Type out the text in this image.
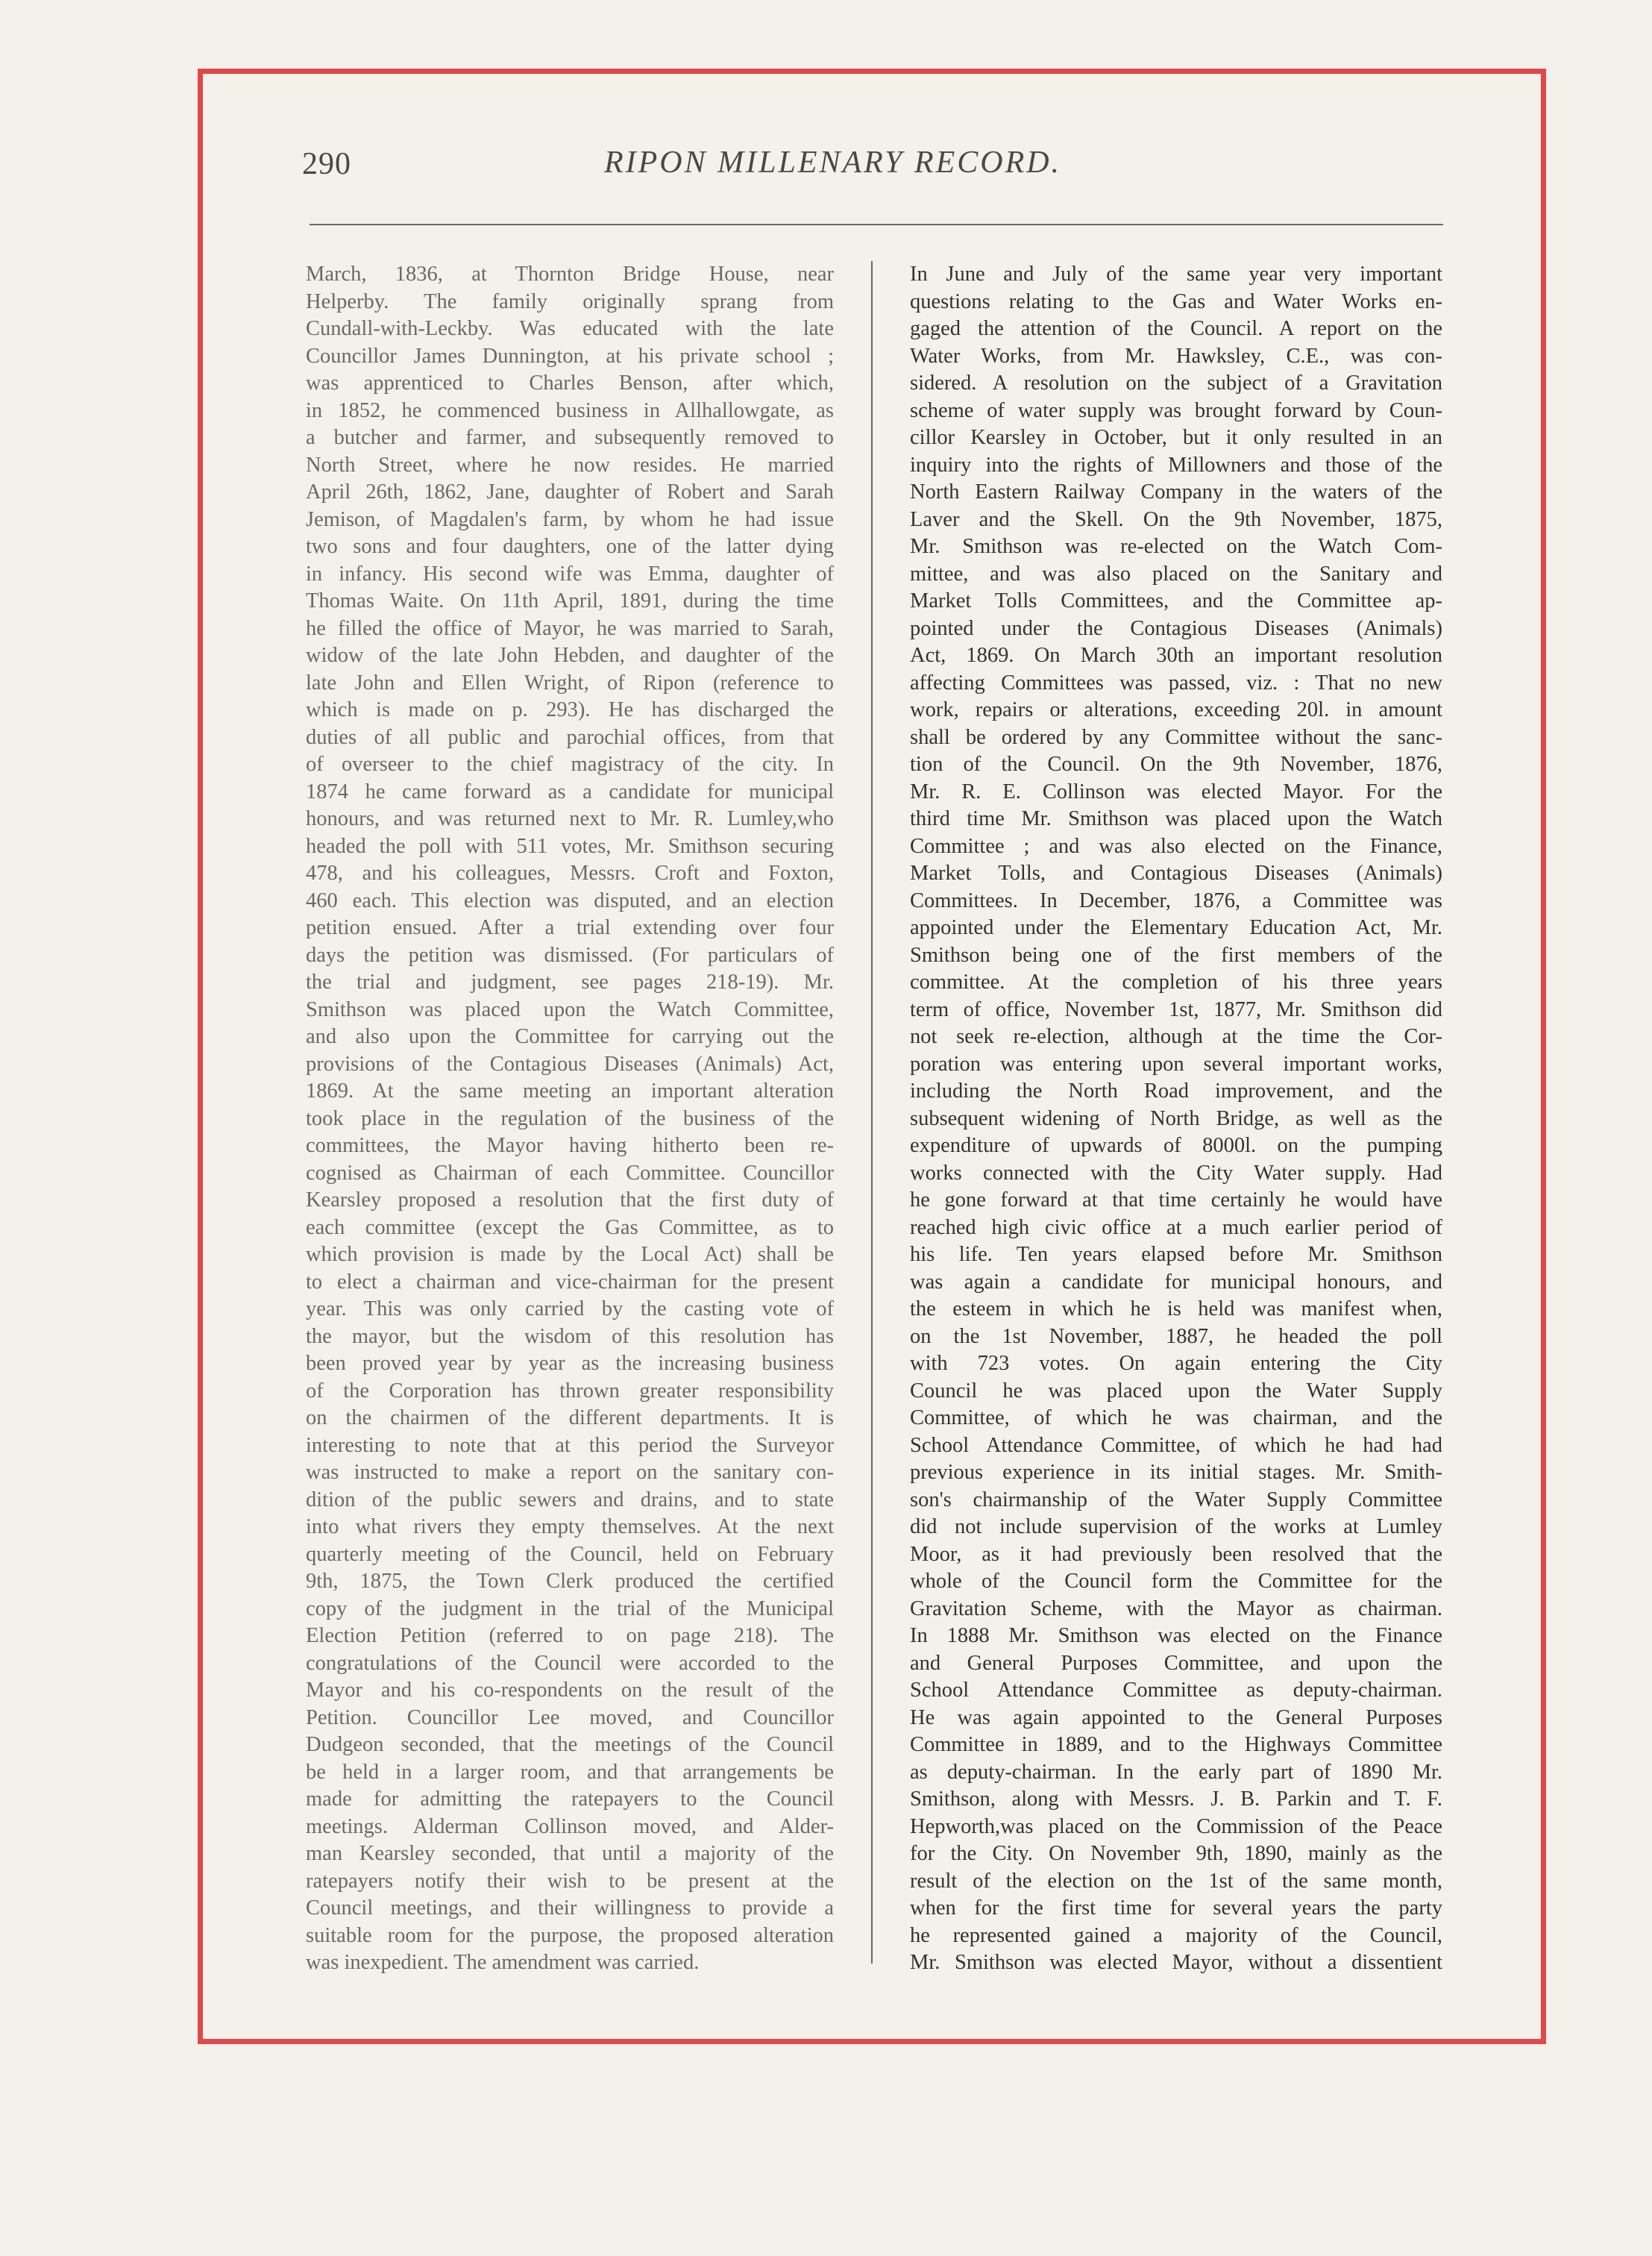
290	RIPON MILLENARY RECORD.
March, 1836, at Thornton Bridge House, near
Helperby. The family originally sprang from
Cundall-with-Leckby. Was educated with the late
Councillor James Dunnington, at his private school ;
was apprenticed to Charles Benson, after which,
in 1852, he commenced business in Allhallowgate, as
a butcher and farmer, and subsequently removed to
North Street, where he now resides. He married
April 26th, 1862, Jane, daughter of Robert and Sarah
Jemison, of Magdalen's farm, by whom he had issue
two sons and four daughters, one of the latter dying
in infancy. His second wife was Emma, daughter of
Thomas Waite. On 11th April, 1891, during the time
he filled the office of Mayor, he was married to Sarah,
widow of the late John Hebden, and daughter of the
late John and Ellen Wright, of Ripon (reference to
which is made on p. 293). He has discharged the
duties of all public and parochial offices, from that
of overseer to the chief magistracy of the city. In
1874 he came forward as a candidate for municipal
honours, and was returned next to Mr. R. Lumley,who
headed the poll with 511 votes, Mr. Smithson securing
478, and his colleagues, Messrs. Croft and Foxton,
460 each. This election was disputed, and an election
petition ensued. After a trial extending over four
days the petition was dismissed. (For particulars of
the trial and judgment, see pages 218-19). Mr.
Smithson was placed upon the Watch Committee,
and also upon the Committee for carrying out the
provisions of the Contagious Diseases (Animals) Act,
1869. At the same meeting an important alteration
took place in the regulation of the business of the
committees, the Mayor having hitherto been re-
cognised as Chairman of each Committee. Councillor
Kearsley proposed a resolution that the first duty of
each committee (except the Gas Committee, as to
which provision is made by the Local Act) shall be
to elect a chairman and vice-chairman for the present
year. This was only carried by the casting vote of
the mayor, but the wisdom of this resolution has
been proved year by year as the increasing business
of the Corporation has thrown greater responsibility
on the chairmen of the different departments. It is
interesting to note that at this period the Surveyor
was instructed to make a report on the sanitary con-
dition of the public sewers and drains, and to state
into what rivers they empty themselves. At the next
quarterly meeting of the Council, held on February
9th, 1875, the Town Clerk produced the certified
copy of the judgment in the trial of the Municipal
Election Petition (referred to on page 218). The
congratulations of the Council were accorded to the
Mayor and his co-respondents on the result of the
Petition. Councillor Lee moved, and Councillor
Dudgeon seconded, that the meetings of the Council
be held in a larger room, and that arrangements be
made for admitting the ratepayers to the Council
meetings. Alderman Collinson moved, and Alder-
man Kearsley seconded, that until a majority of the
ratepayers notify their wish to be present at the
Council meetings, and their willingness to provide a
suitable room for the purpose, the proposed alteration
was inexpedient. The amendment was carried.
In June and July of the same year very important
questions relating to the Gas and Water Works en-
gaged the attention of the Council. A report on the
Water Works, from Mr. Hawksley, C.E., was con-
sidered. A resolution on the subject of a Gravitation
scheme of water supply was brought forward by Coun-
cillor Kearsley in October, but it only resulted in an
inquiry into the rights of Millowners and those of the
North Eastern Railway Company in the waters of the
Laver and the Skell. On the 9th November, 1875,
Mr. Smithson was re-elected on the Watch Com-
mittee, and was also placed on the Sanitary and
Market Tolls Committees, and the Committee ap-
pointed under the Contagious Diseases (Animals)
Act, 1869. On March 30th an important resolution
affecting Committees was passed, viz. : That no new
work, repairs or alterations, exceeding 20l. in amount
shall be ordered by any Committee without the sanc-
tion of the Council. On the 9th November, 1876,
Mr. R. E. Collinson was elected Mayor. For the
third time Mr. Smithson was placed upon the Watch
Committee ; and was also elected on the Finance,
Market Tolls, and Contagious Diseases (Animals)
Committees. In December, 1876, a Committee was
appointed under the Elementary Education Act, Mr.
Smithson being one of the first members of the
committee. At the completion of his three years
term of office, November 1st, 1877, Mr. Smithson did
not seek re-election, although at the time the Cor-
poration was entering upon several important works,
including the North Road improvement, and the
subsequent widening of North Bridge, as well as the
expenditure of upwards of 8000l. on the pumping
works connected with the City Water supply. Had
he gone forward at that time certainly he would have
reached high civic office at a much earlier period of
his life. Ten years elapsed before Mr. Smithson
was again a candidate for municipal honours, and
the esteem in which he is held was manifest when,
on the 1st November, 1887, he headed the poll
with 723 votes. On again entering the City
Council he was placed upon the Water Supply
Committee, of which he was chairman, and the
School Attendance Committee, of which he had had
previous experience in its initial stages. Mr. Smith-
son's chairmanship of the Water Supply Committee
did not include supervision of the works at Lumley
Moor, as it had previously been resolved that the
whole of the Council form the Committee for the
Gravitation Scheme, with the Mayor as chairman.
In 1888 Mr. Smithson was elected on the Finance
and General Purposes Committee, and upon the
School Attendance Committee as deputy-chairman.
He was again appointed to the General Purposes
Committee in 1889, and to the Highways Committee
as deputy-chairman. In the early part of 1890 Mr.
Smithson, along with Messrs. J. B. Parkin and T. F.
Hepworth,was placed on the Commission of the Peace
for the City. On November 9th, 1890, mainly as the
result of the election on the 1st of the same month,
when for the first time for several years the party
he represented gained a majority of the Council,
Mr. Smithson was elected Mayor, without a dissentient
